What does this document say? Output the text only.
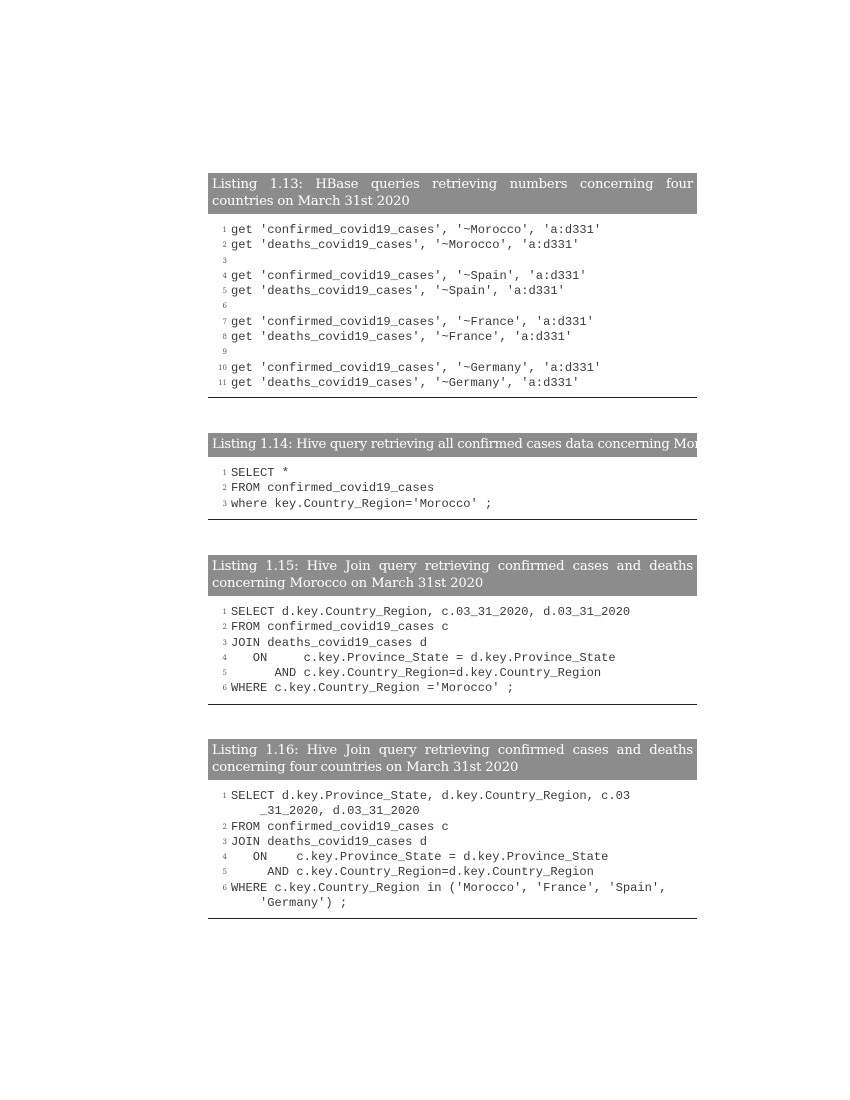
Listing 1.13: HBase queries retrieving numbers concerning four countries on March 31st 2020
1 get 'confirmed_covid19_cases', '~Morocco', 'a:d331'
2 get 'deaths_covid19_cases', '~Morocco', 'a:d331'
3
4 get 'confirmed_covid19_cases', '~Spain', 'a:d331'
5 get 'deaths_covid19_cases', '~Spain', 'a:d331'
6
7 get 'confirmed_covid19_cases', '~France', 'a:d331'
8 get 'deaths_covid19_cases', '~France', 'a:d331'
9
10 get 'confirmed_covid19_cases', '~Germany', 'a:d331'
11 get 'deaths_covid19_cases', '~Germany', 'a:d331'
Listing 1.14: Hive query retrieving all confirmed cases data concerning Morocco
1 SELECT *
2 FROM confirmed_covid19_cases
3 where key.Country_Region='Morocco' ;
Listing 1.15: Hive Join query retrieving confirmed cases and deaths concerning Morocco on March 31st 2020
1 SELECT d.key.Country_Region, c.03_31_2020, d.03_31_2020
2 FROM confirmed_covid19_cases c
3 JOIN deaths_covid19_cases d
4 ON     c.key.Province_State = d.key.Province_State
5 AND c.key.Country_Region=d.key.Country_Region
6 WHERE c.key.Country_Region ='Morocco' ;
Listing 1.16: Hive Join query retrieving confirmed cases and deaths concerning four countries on March 31st 2020
1 SELECT d.key.Province_State, d.key.Country_Region, c.03
_31_2020, d.03_31_2020
2 FROM confirmed_covid19_cases c
3 JOIN deaths_covid19_cases d
4 ON    c.key.Province_State = d.key.Province_State
5 AND c.key.Country_Region=d.key.Country_Region
6 WHERE c.key.Country_Region in ('Morocco', 'France', 'Spain',
'Germany') ;
